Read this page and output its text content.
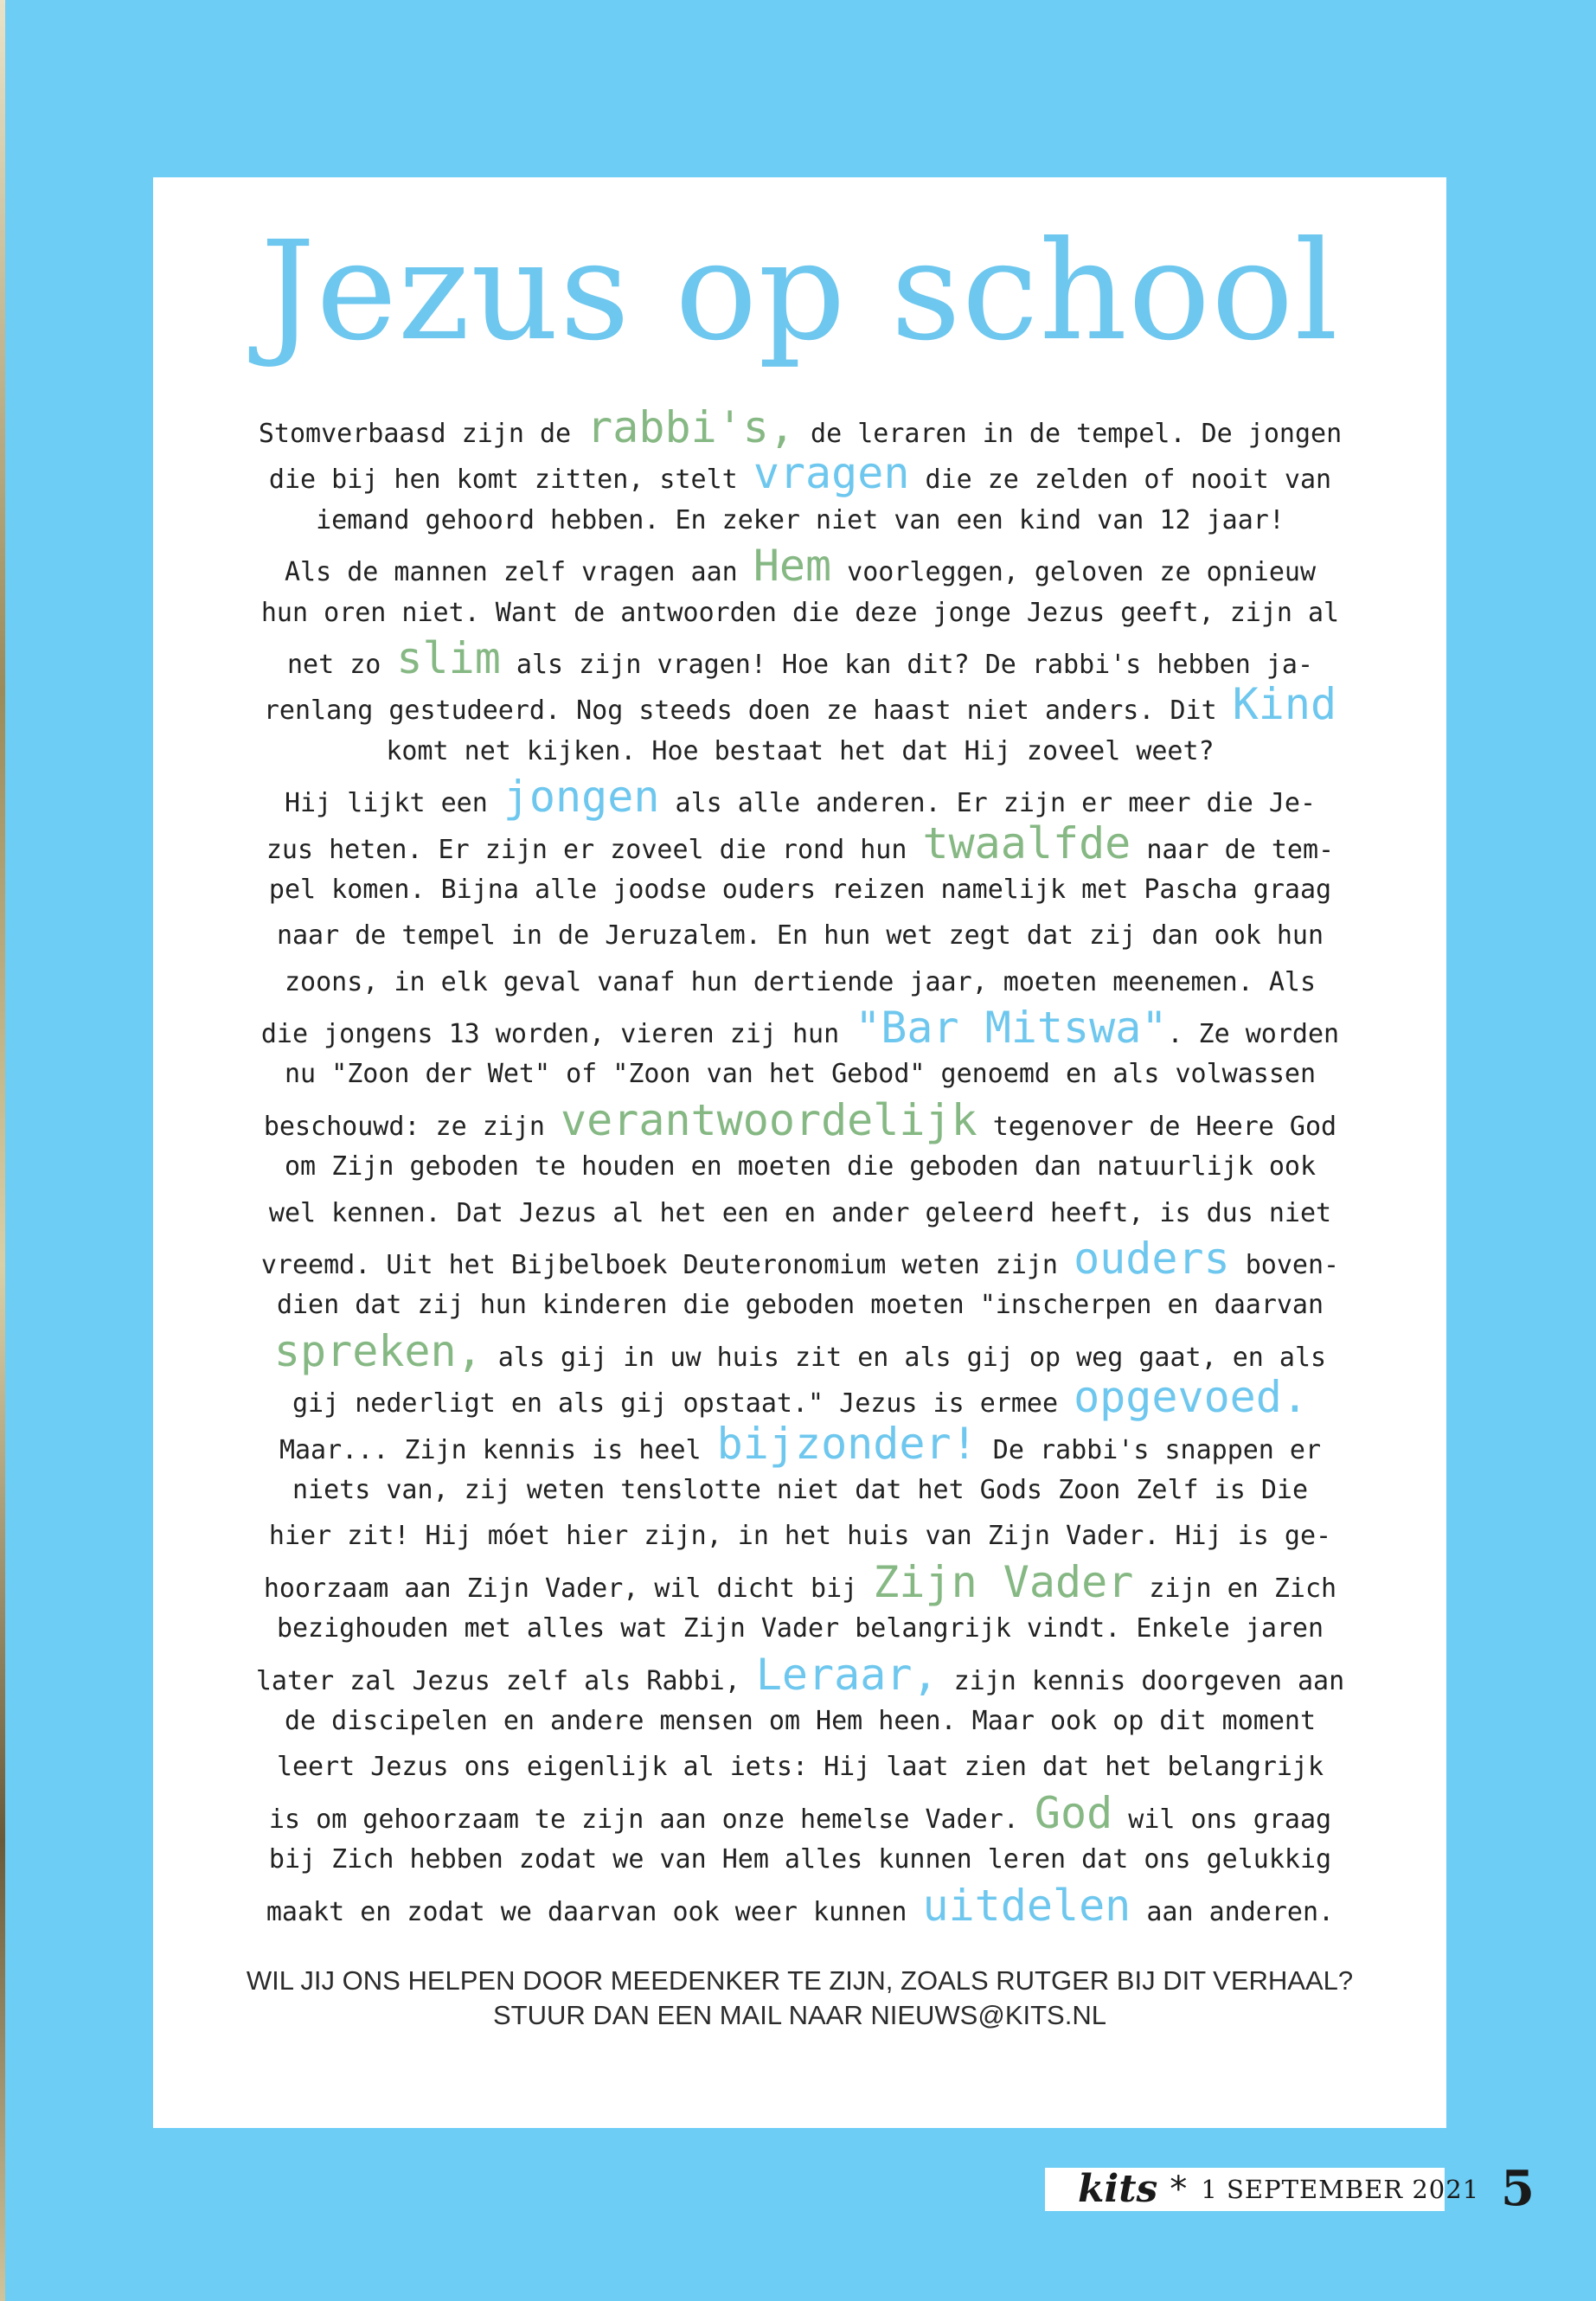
Jezus op school
Stomverbaasd zijn de rabbi's, de leraren in de tempel. De jongen
die bij hen komt zitten, stelt vragen die ze zelden of nooit van
iemand gehoord hebben. En zeker niet van een kind van 12 jaar!
Als de mannen zelf vragen aan Hem voorleggen, geloven ze opnieuw
hun oren niet. Want de antwoorden die deze jonge Jezus geeft, zijn al
net zo slim als zijn vragen! Hoe kan dit? De rabbi's hebben ja-
renlang gestudeerd. Nog steeds doen ze haast niet anders. Dit Kind
komt net kijken. Hoe bestaat het dat Hij zoveel weet?
Hij lijkt een jongen als alle anderen. Er zijn er meer die Je-
zus heten. Er zijn er zoveel die rond hun twaalfde naar de tem-
pel komen. Bijna alle joodse ouders reizen namelijk met Pascha graag
naar de tempel in de Jeruzalem. En hun wet zegt dat zij dan ook hun
zoons, in elk geval vanaf hun dertiende jaar, moeten meenemen. Als
die jongens 13 worden, vieren zij hun "Bar Mitswa". Ze worden
nu "Zoon der Wet" of "Zoon van het Gebod" genoemd en als volwassen
beschouwd: ze zijn verantwoordelijk tegenover de Heere God
om Zijn geboden te houden en moeten die geboden dan natuurlijk ook
wel kennen. Dat Jezus al het een en ander geleerd heeft, is dus niet
vreemd. Uit het Bijbelboek Deuteronomium weten zijn ouders boven-
dien dat zij hun kinderen die geboden moeten "inscherpen en daarvan
spreken, als gij in uw huis zit en als gij op weg gaat, en als
gij nederligt en als gij opstaat." Jezus is ermee opgevoed.
Maar... Zijn kennis is heel bijzonder! De rabbi's snappen er
niets van, zij weten tenslotte niet dat het Gods Zoon Zelf is Die
hier zit! Hij móet hier zijn, in het huis van Zijn Vader. Hij is ge-
hoorzaam aan Zijn Vader, wil dicht bij Zijn Vader zijn en Zich
bezighouden met alles wat Zijn Vader belangrijk vindt. Enkele jaren
later zal Jezus zelf als Rabbi, Leraar, zijn kennis doorgeven aan
de discipelen en andere mensen om Hem heen. Maar ook op dit moment
leert Jezus ons eigenlijk al iets: Hij laat zien dat het belangrijk
is om gehoorzaam te zijn aan onze hemelse Vader. God wil ons graag
bij Zich hebben zodat we van Hem alles kunnen leren dat ons gelukkig
maakt en zodat we daarvan ook weer kunnen uitdelen aan anderen.
WIL JIJ ONS HELPEN DOOR MEEDENKER TE ZIJN, ZOALS RUTGER BIJ DIT VERHAAL?
STUUR DAN EEN MAIL NAAR NIEUWS@KITS.NL
kits * 1 SEPTEMBER 2021 5
